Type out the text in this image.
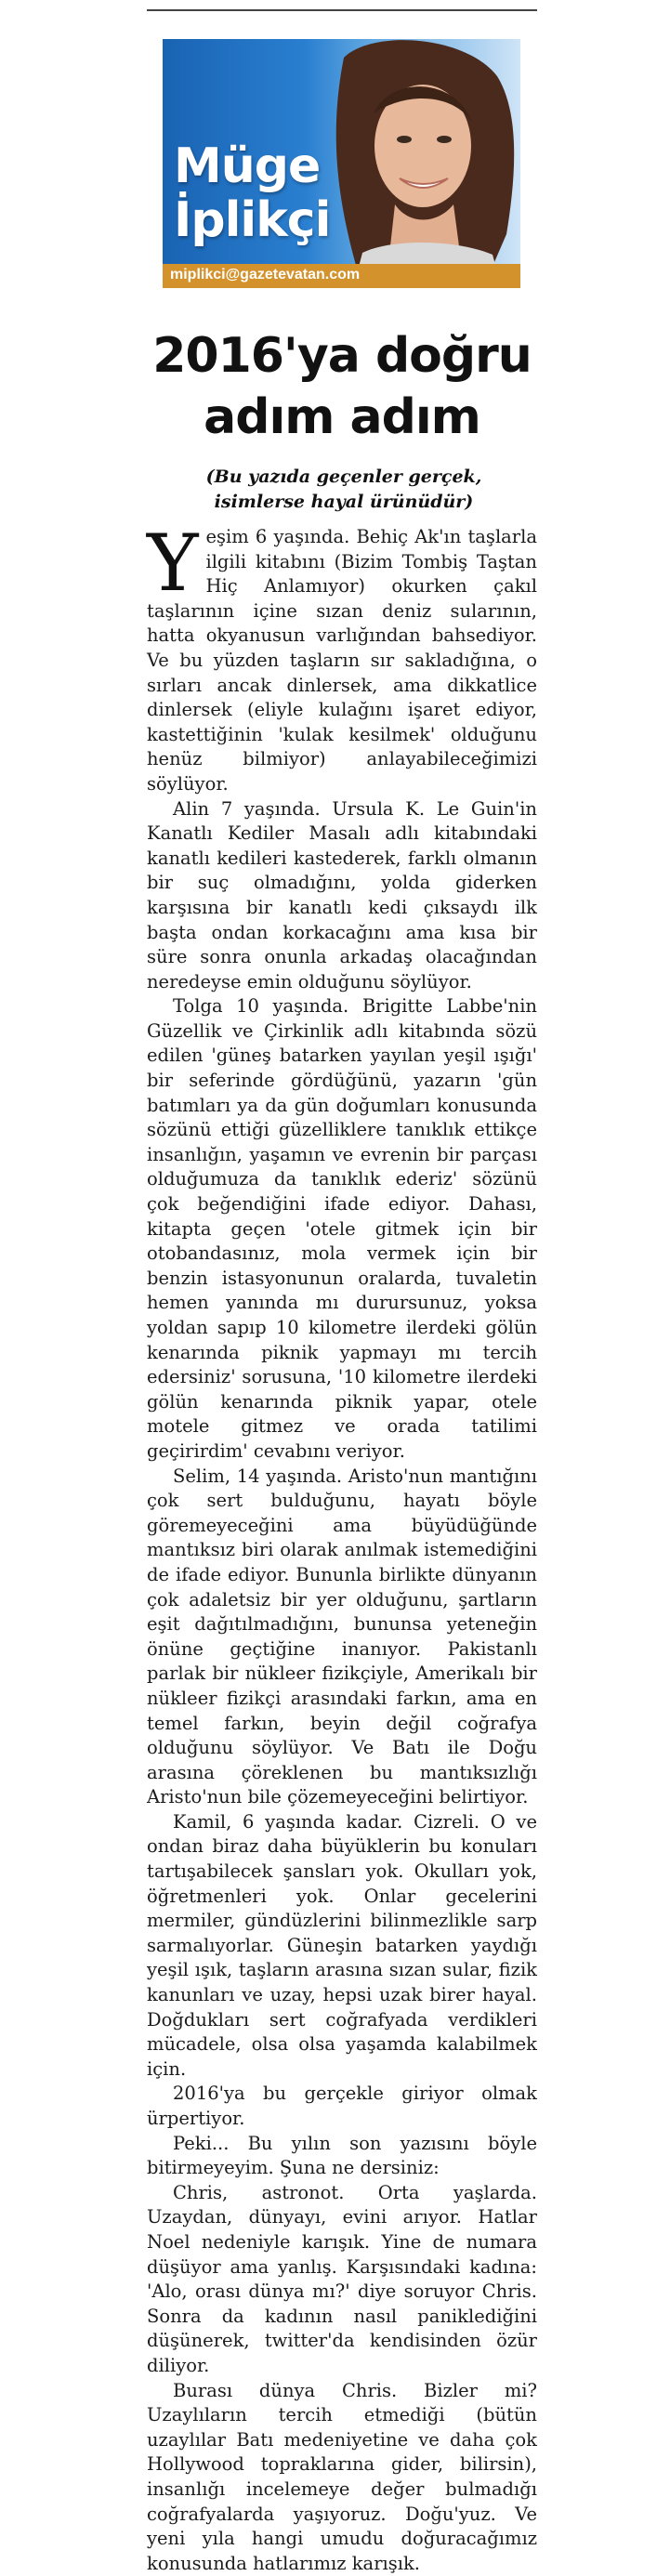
Müge
İplikçi
miplikci@gazetevatan.com
2016'ya doğru adım adım
(Bu yazıda geçenler gerçek, isimlerse hayal ürünüdür)

Yeşim 6 yaşında. Behiç Ak'ın taşlarla ilgili kitabını (Bizim Tombiş Taştan Hiç Anlamıyor) okurken çakıl taşlarının içine sızan deniz sularının, hatta okyanusun varlığından bahsediyor. Ve bu yüzden taşların sır sakladığına, o sırları ancak dinlersek, ama dikkatlice dinlersek (eliyle kulağını işaret ediyor, kastettiğinin 'kulak kesilmek' olduğunu henüz bilmiyor) anlayabileceğimizi söylüyor.

Alin 7 yaşında. Ursula K. Le Guin'in Kanatlı Kediler Masalı adlı kitabındaki kanatlı kedileri kastederek, farklı olmanın bir suç olmadığını, yolda giderken karşısına bir kanatlı kedi çıksaydı ilk başta ondan korkacağını ama kısa bir süre sonra onunla arkadaş olacağından neredeyse emin olduğunu söylüyor.

Tolga 10 yaşında. Brigitte Labbe'nin Güzellik ve Çirkinlik adlı kitabında sözü edilen 'güneş batarken yayılan yeşil ışığı' bir seferinde gördüğünü, yazarın 'gün batımları ya da gün doğumları konusunda sözünü ettiği güzelliklere tanıklık ettikçe insanlığın, yaşamın ve evrenin bir parçası olduğumuza da tanıklık ederiz' sözünü çok beğendiğini ifade ediyor. Dahası, kitapta geçen 'otele gitmek için bir otobandasınız, mola vermek için bir benzin istasyonunun oralarda, tuvaletin hemen yanında mı durursunuz, yoksa yoldan sapıp 10 kilometre ilerdeki gölün kenarında piknik yapmayı mı tercih edersiniz' sorusuna, '10 kilometre ilerdeki gölün kenarında piknik yapar, otele motele gitmez ve orada tatilimi geçirirdim' cevabını veriyor.

Selim, 14 yaşında. Aristo'nun mantığını çok sert bulduğunu, hayatı böyle göremeyeceğini ama büyüdüğünde mantıksız biri olarak anılmak istemediğini de ifade ediyor. Bununla birlikte dünyanın çok adaletsiz bir yer olduğunu, şartların eşit dağıtılmadığını, bununsa yeteneğin önüne geçtiğine inanıyor. Pakistanlı parlak bir nükleer fizikçiyle, Amerikalı bir nükleer fizikçi arasındaki farkın, ama en temel farkın, beyin değil coğrafya olduğunu söylüyor. Ve Batı ile Doğu arasına çöreklenen bu mantıksızlığı Aristo'nun bile çözemeyeceğini belirtiyor.

Kamil, 6 yaşında kadar. Cizreli. O ve ondan biraz daha büyüklerin bu konuları tartışabilecek şansları yok. Okulları yok, öğretmenleri yok. Onlar gecelerini mermiler, gündüzlerini bilinmezlikle sarp sarmalıyorlar. Güneşin batarken yaydığı yeşil ışık, taşların arasına sızan sular, fizik kanunları ve uzay, hepsi uzak birer hayal. Doğdukları sert coğrafyada verdikleri mücadele, olsa olsa yaşamda kalabilmek için.

2016'ya bu gerçekle giriyor olmak ürpertiyor.

Peki... Bu yılın son yazısını böyle bitirmeyeyim. Şuna ne dersiniz:

Chris, astronot. Orta yaşlarda. Uzaydan, dünyayı, evini arıyor. Hatlar Noel nedeniyle karışık. Yine de numara düşüyor ama yanlış. Karşısındaki kadına: 'Alo, orası dünya mı?' diye soruyor Chris. Sonra da kadının nasıl paniklediğini düşünerek, twitter'da kendisinden özür diliyor.

Burası dünya Chris. Bizler mi? Uzaylıların tercih etmediği (bütün uzaylılar Batı medeniyetine ve daha çok Hollywood topraklarına gider, bilirsin), insanlığı incelemeye değer bulmadığı coğrafyalarda yaşıyoruz. Doğu'yuz. Ve yeni yıla hangi umudu doğuracağımız konusunda hatlarımız karışık.
